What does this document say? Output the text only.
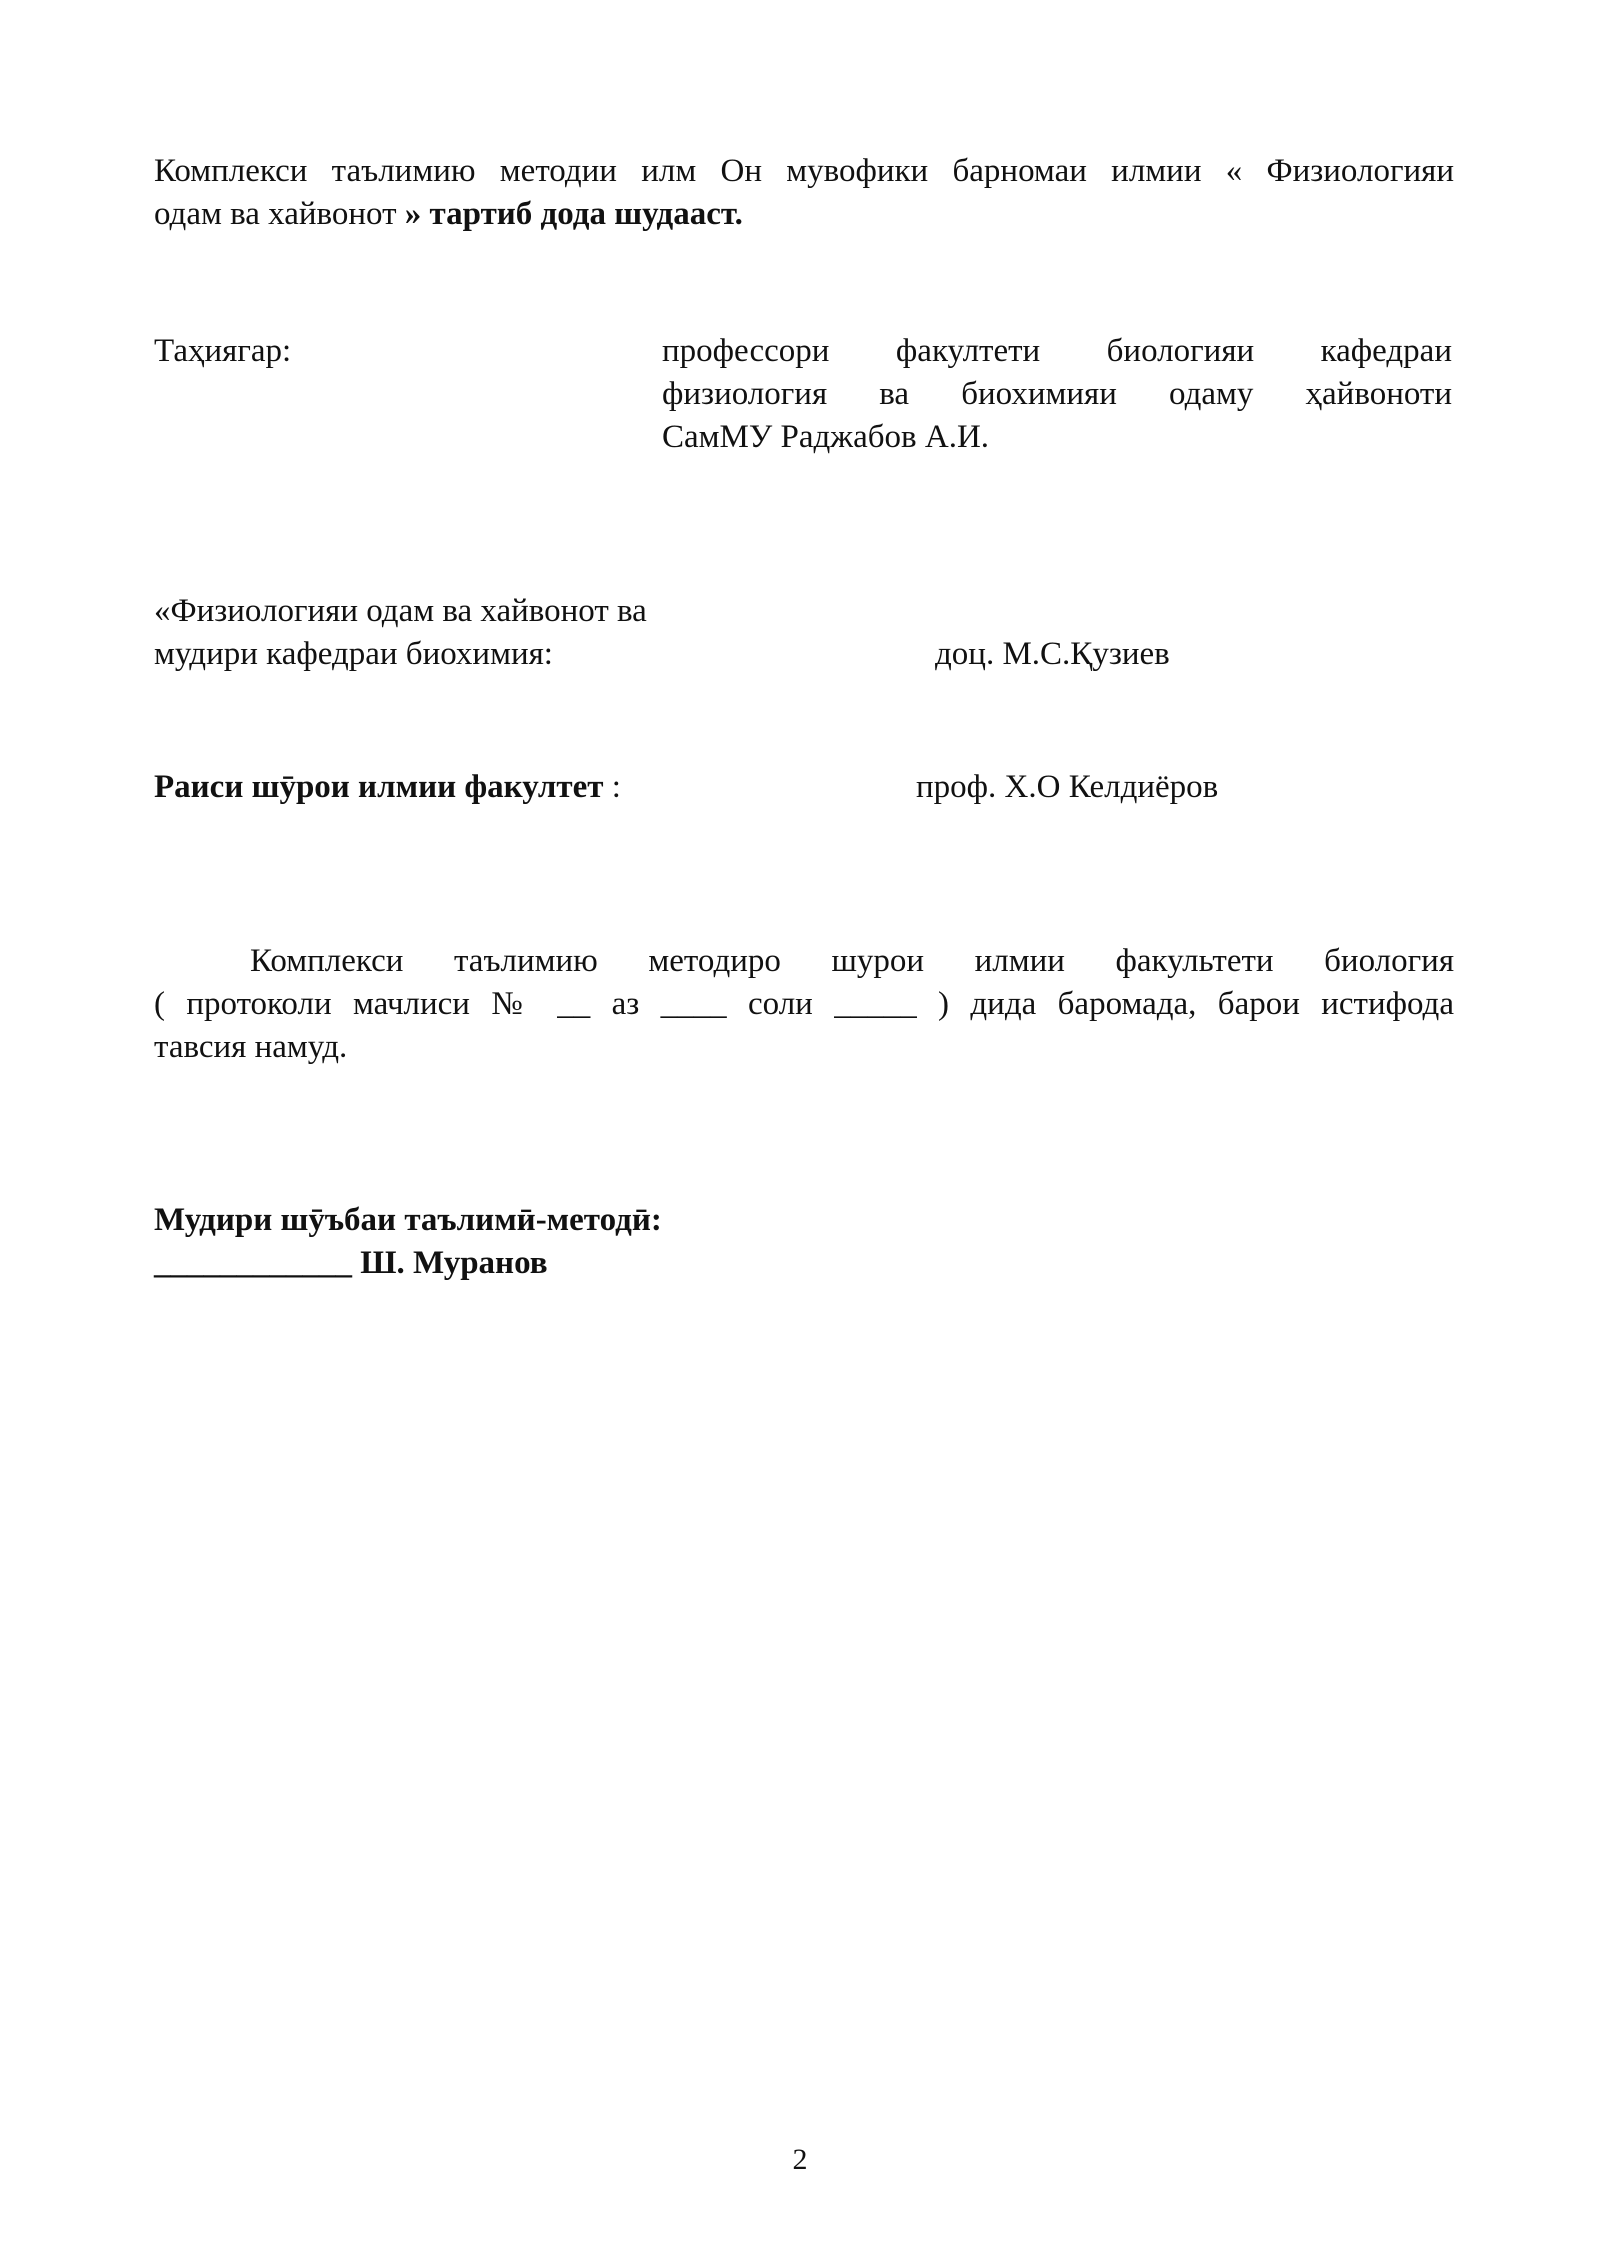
Комплекси таълимию методии илм Он мувофики барномаи илмии « Физиологияи
одам ва хайвонот » тартиб дода шудааст.
Таҳиягар:	профессори факултети биологияи кафедраи
физиология ва биохимияи одаму ҳайвоноти
СамМУ Раджабов А.И.
«Физиологияи одам ва хайвонот ва
мудири кафедраи биохимия:	доц. М.С.Қузиев
Раиси шӯрои илмии факултет :	проф. Х.О Келдиёров
Комплекси таълимию методиро шурои илмии факультети биология
( протоколи мачлиси № __ аз ____ соли _____ ) дида баромада, барои истифода
тавсия намуд.
Мудири шӯъбаи таълимӣ-методӣ:
____________ Ш. Муранов
2
